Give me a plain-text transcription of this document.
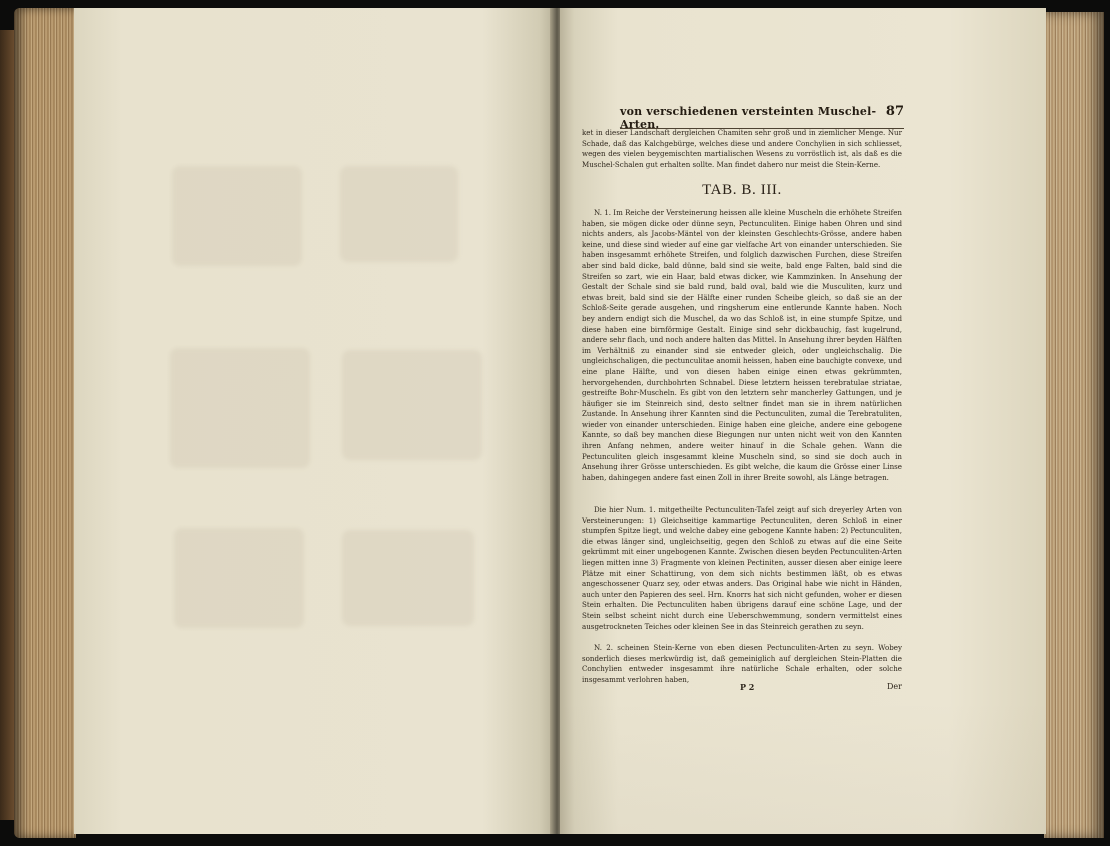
von verschiedenen versteinten Muschel-Arten.
87
ket in dieser Landschaft dergleichen Chamiten sehr groß und in ziemlicher Menge. Nur Schade, daß das Kalchgebürge, welches diese und andere Conchylien in sich schliesset, wegen des vielen beygemischten martialischen Wesens zu vorröstlich ist, als daß es die Muschel-Schalen gut erhalten sollte. Man findet dahero nur meist die Stein-Kerne.
TAB. B. III.
N. 1. Im Reiche der Versteinerung heissen alle kleine Muscheln die erhöhete Streifen haben, sie mögen dicke oder dünne seyn, Pectunculiten. Einige haben Ohren und sind nichts anders, als Jacobs-Mäntel von der kleinsten Geschlechts-Grösse, andere haben keine, und diese sind wieder auf eine gar vielfache Art von einander unterschieden. Sie haben insgesammt erhöhete Streifen, und folglich dazwischen Furchen, diese Streifen aber sind bald dicke, bald dünne, bald sind sie weite, bald enge Falten, bald sind die Streifen so zart, wie ein Haar, bald etwas dicker, wie Kammzinken. In Ansehung der Gestalt der Schale sind sie bald rund, bald oval, bald wie die Musculiten, kurz und etwas breit, bald sind sie der Hälfte einer runden Scheibe gleich, so daß sie an der Schloß-Seite gerade ausgehen, und ringsherum eine entlerunde Kannte haben. Noch bey andern endigt sich die Muschel, da wo das Schloß ist, in eine stumpfe Spitze, und diese haben eine birnförmige Gestalt. Einige sind sehr dickbauchig, fast kugelrund, andere sehr flach, und noch andere halten das Mittel. In Ansehung ihrer beyden Hälften im Verhältniß zu einander sind sie entweder gleich, oder ungleichschalig. Die ungleichschaligen, die pectunculitae anomii heissen, haben eine bauchigte convexe, und eine plane Hälfte, und von diesen haben einige einen etwas gekrümmten, hervorgehenden, durchbohrten Schnabel. Diese letztern heissen terebratulae striatae, gestreifte Bohr-Muscheln. Es gibt von den letztern sehr mancherley Gattungen, und je häufiger sie im Steinreich sind, desto seltner findet man sie in ihrem natürlichen Zustande. In Ansehung ihrer Kannten sind die Pectunculiten, zumal die Terebratuliten, wieder von einander unterschieden. Einige haben eine gleiche, andere eine gebogene Kannte, so daß bey manchen diese Biegungen nur unten nicht weit von den Kannten ihren Anfang nehmen, andere weiter hinauf in die Schale gehen. Wann die Pectunculiten gleich insgesammt kleine Muscheln sind, so sind sie doch auch in Ansehung ihrer Grösse unterschieden. Es gibt welche, die kaum die Grösse einer Linse haben, dahingegen andere fast einen Zoll in ihrer Breite sowohl, als Länge betragen.
Die hier Num. 1. mitgetheilte Pectunculiten-Tafel zeigt auf sich dreyerley Arten von Versteinerungen: 1) Gleichseitige kammartige Pectunculiten, deren Schloß in einer stumpfen Spitze liegt, und welche dabey eine gebogene Kannte haben: 2) Pectunculiten, die etwas länger sind, ungleichseitig, gegen den Schloß zu etwas auf die eine Seite gekrümmt mit einer ungebogenen Kannte. Zwischen diesen beyden Pectunculiten-Arten liegen mitten inne 3) Fragmente von kleinen Pectiniten, ausser diesen aber einige leere Plätze mit einer Schattirung, von dem sich nichts bestimmen läßt, ob es etwas angeschossener Quarz sey, oder etwas anders. Das Original habe wie nicht in Händen, auch unter den Papieren des seel. Hrn. Knorrs hat sich nicht gefunden, woher er diesen Stein erhalten. Die Pectunculiten haben übrigens darauf eine schöne Lage, und der Stein selbst scheint nicht durch eine Ueberschwemmung, sondern vermittelst eines ausgetrockneten Teiches oder kleinen See in das Steinreich gerathen zu seyn.
N. 2. scheinen Stein-Kerne von eben diesen Pectunculiten-Arten zu seyn. Wobey sonderlich dieses merkwürdig ist, daß gemeiniglich auf dergleichen Stein-Platten die Conchylien entweder insgesammt ihre natürliche Schale erhalten, oder solche insgesammt verlohren haben,
P 2	Der
